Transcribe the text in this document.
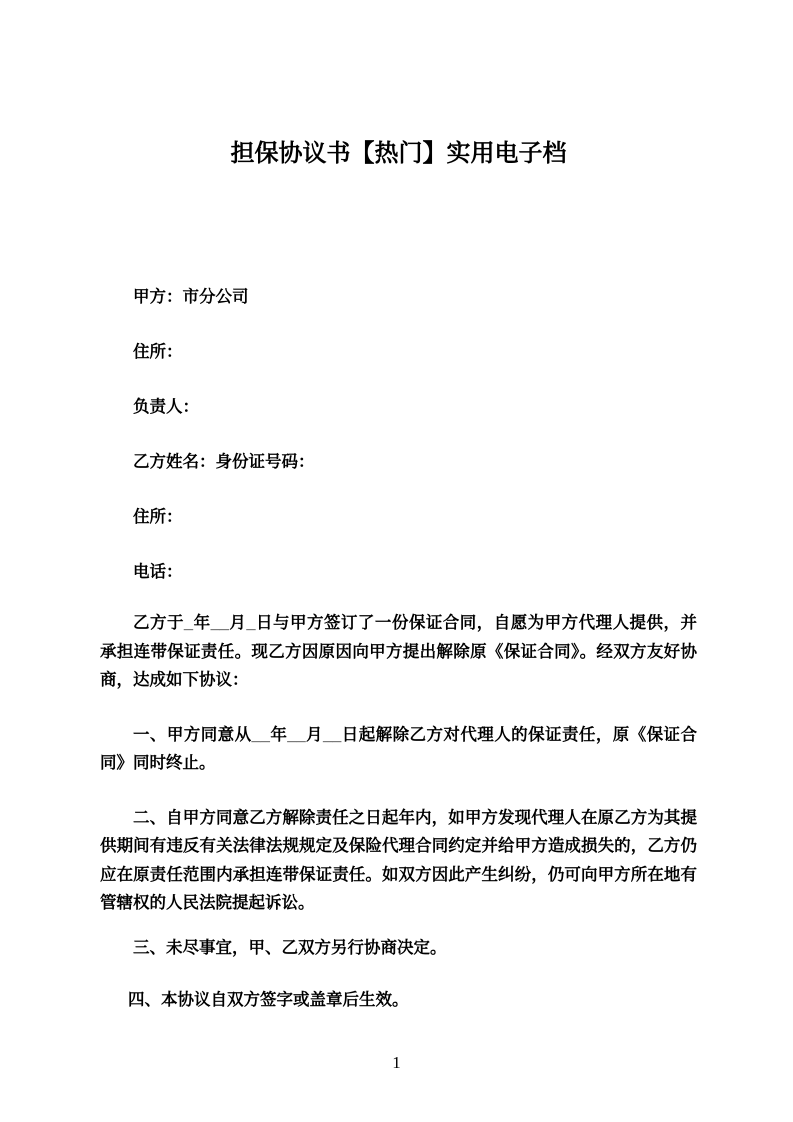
担保协议书【热门】实用电子档
甲方：市分公司
住所：
负责人：
乙方姓名：身份证号码：
住所：
电话：
乙方于_年__月_日与甲方签订了一份保证合同，自愿为甲方代理人提供，并承担连带保证责任。现乙方因原因向甲方提出解除原《保证合同》。经双方友好协商，达成如下协议：
一、甲方同意从__年__月__日起解除乙方对代理人的保证责任，原《保证合同》同时终止。
二、自甲方同意乙方解除责任之日起年内，如甲方发现代理人在原乙方为其提供期间有违反有关法律法规规定及保险代理合同约定并给甲方造成损失的，乙方仍应在原责任范围内承担连带保证责任。如双方因此产生纠纷，仍可向甲方所在地有管辖权的人民法院提起诉讼。
三、未尽事宜，甲、乙双方另行协商决定。
四、本协议自双方签字或盖章后生效。
1
